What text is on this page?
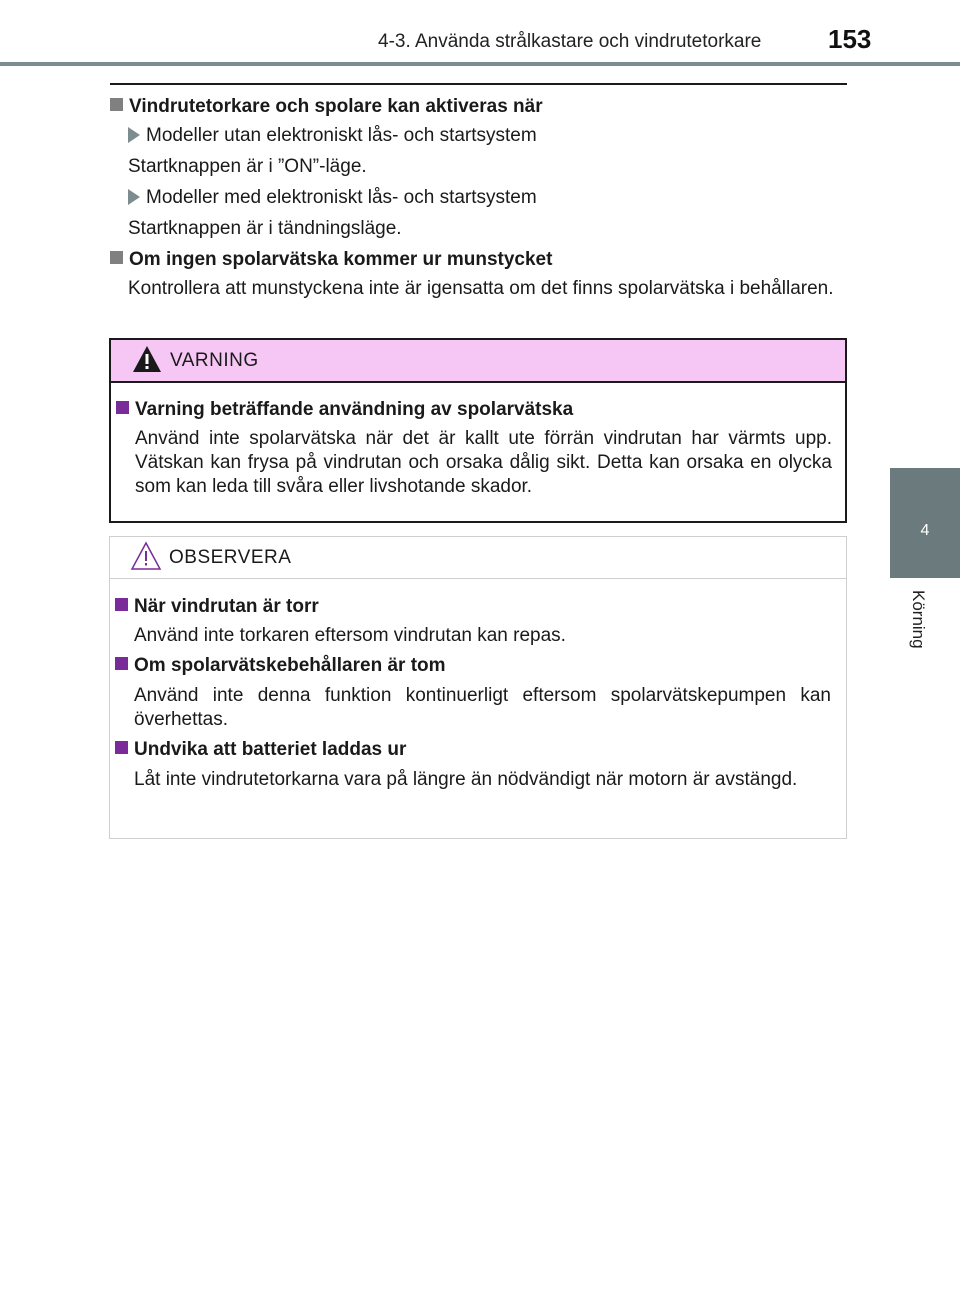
4-3. Använda strålkastare och vindrutetorkare	153
4
Körning
Vindrutetorkare och spolare kan aktiveras när
Modeller utan elektroniskt lås- och startsystem
Startknappen är i ”ON”-läge.
Modeller med elektroniskt lås- och startsystem
Startknappen är i tändningsläge.
Om ingen spolarvätska kommer ur munstycket
Kontrollera att munstyckena inte är igensatta om det finns spolarvätska i behållaren.
VARNING
Varning beträffande användning av spolarvätska
Använd inte spolarvätska när det är kallt ute förrän vindrutan har värmts upp. Vätskan kan frysa på vindrutan och orsaka dålig sikt. Detta kan orsaka en olycka som kan leda till svåra eller livshotande skador.
OBSERVERA
När vindrutan är torr
Använd inte torkaren eftersom vindrutan kan repas.
Om spolarvätskebehållaren är tom
Använd inte denna funktion kontinuerligt eftersom spolarvätskepumpen kan överhettas.
Undvika att batteriet laddas ur
Låt inte vindrutetorkarna vara på längre än nödvändigt när motorn är avstängd.
